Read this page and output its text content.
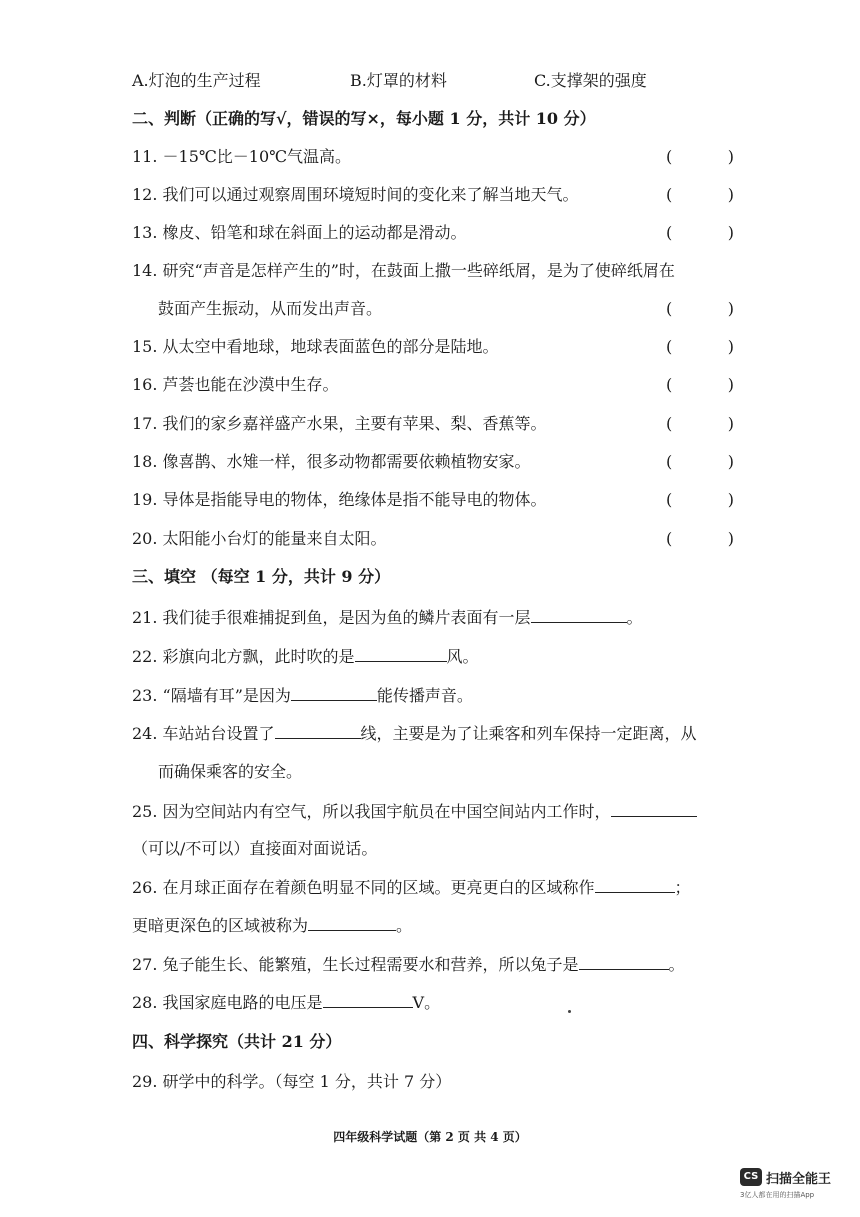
A.灯泡的生产过程	B.灯罩的材料	C.支撑架的强度
二、判断（正确的写√，错误的写×，每小题 1 分，共计 10 分）
11. －15℃比－10℃气温高。	(	)
12. 我们可以通过观察周围环境短时间的变化来了解当地天气。	(	)
13. 橡皮、铅笔和球在斜面上的运动都是滑动。	(	)
14. 研究“声音是怎样产生的”时，在鼓面上撒一些碎纸屑，是为了使碎纸屑在
鼓面产生振动，从而发出声音。	(	)
15. 从太空中看地球，地球表面蓝色的部分是陆地。	(	)
16. 芦荟也能在沙漠中生存。	(	)
17. 我们的家乡嘉祥盛产水果，主要有苹果、梨、香蕉等。	(	)
18. 像喜鹊、水雉一样，很多动物都需要依赖植物安家。	(	)
19. 导体是指能导电的物体，绝缘体是指不能导电的物体。	(	)
20. 太阳能小台灯的能量来自太阳。	(	)
三、填空 （每空 1 分，共计 9 分）
21. 我们徒手很难捕捉到鱼，是因为鱼的鳞片表面有一层	。
22. 彩旗向北方飘，此时吹的是	风。
23. “隔墙有耳”是因为	能传播声音。
24. 车站站台设置了	线，主要是为了让乘客和列车保持一定距离，从
而确保乘客的安全。
25. 因为空间站内有空气，所以我国宇航员在中国空间站内工作时，
（可以/不可以）直接面对面说话。
26. 在月球正面存在着颜色明显不同的区域。更亮更白的区域称作	；
更暗更深色的区域被称为	。
27. 兔子能生长、能繁殖，生长过程需要水和营养，所以兔子是	。
28. 我国家庭电路的电压是	V。
四、科学探究（共计 21 分）
29. 研学中的科学。（每空 1 分，共计 7 分）
四年级科学试题（第 2 页 共 4 页）
CS 扫描全能王
3亿人都在用的扫描App
